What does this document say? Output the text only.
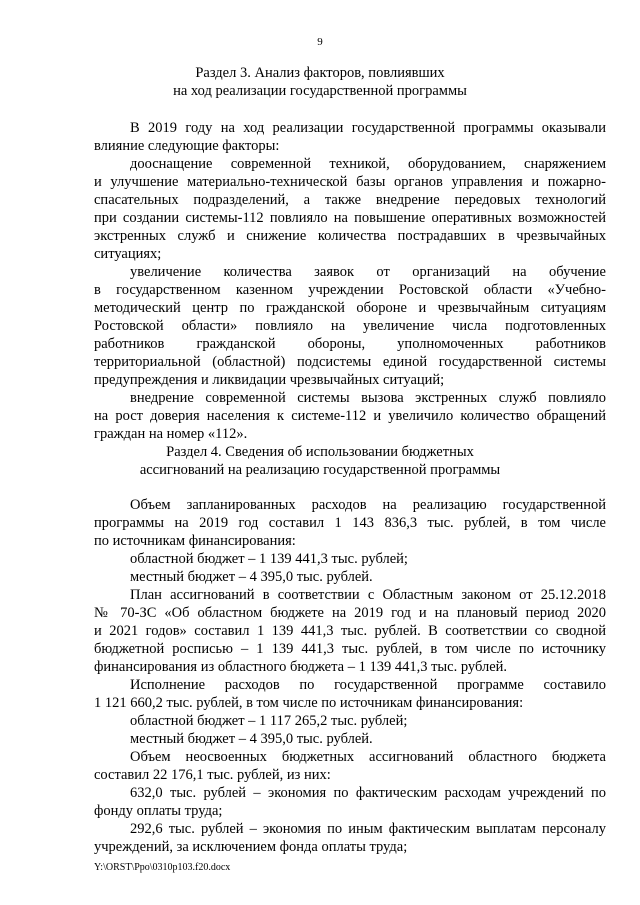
9
Раздел 3. Анализ факторов, повлиявших
на ход реализации государственной программы
В 2019 году на ход реализации государственной программы оказывали
влияние следующие факторы:
дооснащение современной техникой, оборудованием, снаряжением
и улучшение материально-технической базы органов управления и пожарно-
спасательных подразделений, а также внедрение передовых технологий
при создании системы-112 повлияло на повышение оперативных возможностей
экстренных служб и снижение количества пострадавших в чрезвычайных
ситуациях;
увеличение количества заявок от организаций на обучение
в государственном казенном учреждении Ростовской области «Учебно-
методический центр по гражданской обороне и чрезвычайным ситуациям
Ростовской области» повлияло на увеличение числа подготовленных
работников гражданской обороны, уполномоченных работников
территориальной (областной) подсистемы единой государственной системы
предупреждения и ликвидации чрезвычайных ситуаций;
внедрение современной системы вызова экстренных служб повлияло
на рост доверия населения к системе-112 и увеличило количество обращений
граждан на номер «112».
Раздел 4. Сведения об использовании бюджетных
ассигнований на реализацию государственной программы
Объем запланированных расходов на реализацию государственной
программы на 2019 год составил 1 143 836,3 тыс. рублей, в том числе
по источникам финансирования:
областной бюджет – 1 139 441,3 тыс. рублей;
местный бюджет – 4 395,0 тыс. рублей.
План ассигнований в соответствии с Областным законом от 25.12.2018
№ 70-ЗС «Об областном бюджете на 2019 год и на плановый период 2020
и 2021 годов» составил 1 139 441,3 тыс. рублей. В соответствии со сводной
бюджетной росписью – 1 139 441,3 тыс. рублей, в том числе по источнику
финансирования из областного бюджета – 1 139 441,3 тыс. рублей.
Исполнение расходов по государственной программе составило
1 121 660,2 тыс. рублей, в том числе по источникам финансирования:
областной бюджет – 1 117 265,2 тыс. рублей;
местный бюджет – 4 395,0 тыс. рублей.
Объем неосвоенных бюджетных ассигнований областного бюджета
составил 22 176,1 тыс. рублей, из них:
632,0 тыс. рублей – экономия по фактическим расходам учреждений по
фонду оплаты труда;
292,6 тыс. рублей – экономия по иным фактическим выплатам персоналу
учреждений, за исключением фонда оплаты труда;
Y:\ORST\Ppo\0310p103.f20.docx
